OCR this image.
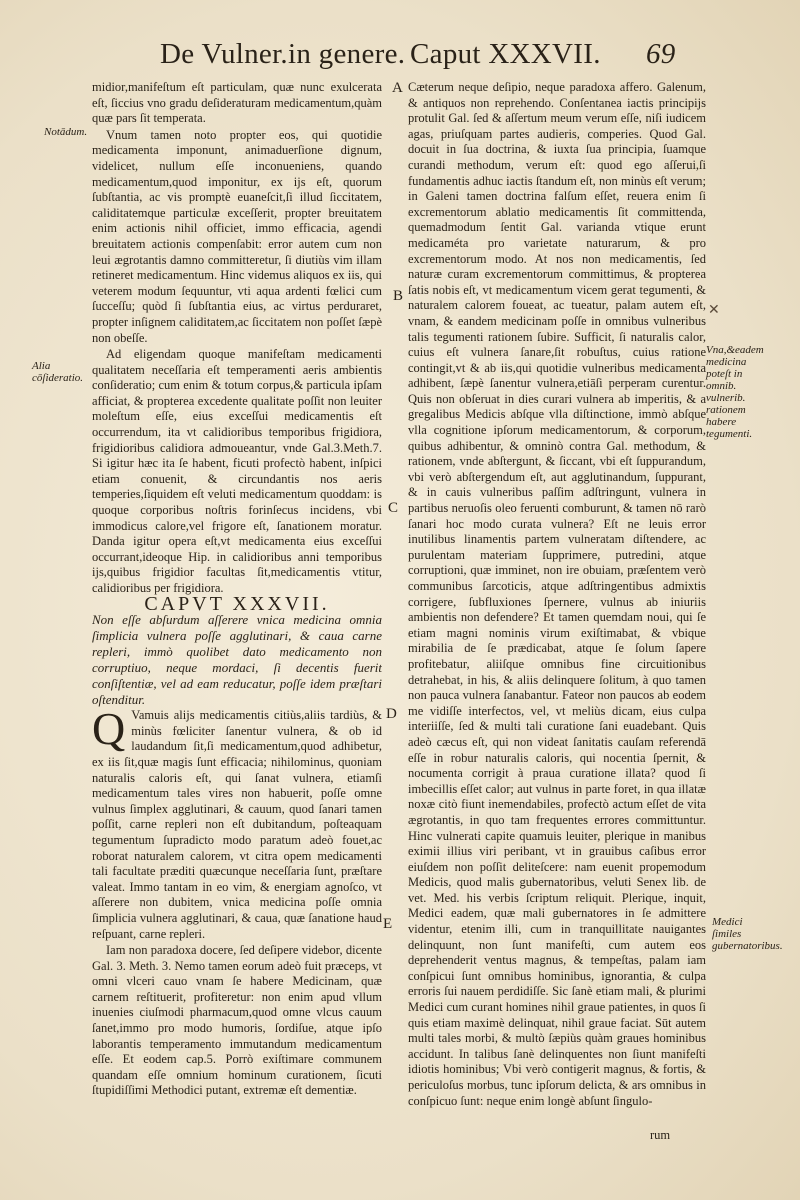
De Vulner.in genere. Caput XXXVII. 69
Notādum.
Alia cōſideratio.
Vna,&eadem medicina poteſt in omnib. vulnerib. rationem habere tegumenti.
Medici ſimiles gubernatoribus.
A
B
C
D
E
✕

midior,manifeſtum eſt particulam, quæ nunc exulcerata eſt, ſiccius vno gradu deſideraturam medicamentum,quàm quæ pars ſit temperata.

Vnum tamen noto propter eos, qui quotidie medicamenta imponunt, animaduerſione dignum, videlicet, nullum eſſe inconueniens, quando medicamentum,quod imponitur, ex ijs eſt, quorum ſubſtantia, ac vis promptè euaneſcit,ſi illud ſiccitatem, caliditatemque particulæ exceſſerit, propter breuitatem enim actionis nihil officiet, immo efficacia, agendi breuitatem actionis compenſabit: error autem cum non leui ægrotantis damno committeretur, ſi diutiùs vim illam retineret medicamentum. Hinc videmus aliquos ex iis, qui veterem modum ſequuntur, vti aqua ardenti fœlici cum ſucceſſu; quòd ſi ſubſtantia eius, ac virtus perduraret, propter inſignem caliditatem,ac ſiccitatem non poſſet ſæpè non obeſſe.

Ad eligendam quoque manifeſtam medicamenti qualitatem neceſſaria eſt temperamenti aeris ambientis conſideratio; cum enim & totum corpus,& particula ipſam afficiat, & propterea excedente qualitate poſſit non leuiter moleſtum eſſe, eius exceſſui medicamentis eſt occurrendum, ita vt calidioribus temporibus frigidiora, frigidioribus calidiora admoueantur, vnde Gal.3.Meth.7. Si igitur hæc ita ſe habent, ficuti profectò habent, inſpici etiam conuenit, & circundantis nos aeris temperies,ſiquidem eſt veluti medicamentum quoddam: is quoque corporibus noſtris forinſecus incidens, vbi immodicus calore,vel frigore eſt, ſanationem moratur. Danda igitur opera eſt,vt medicamenta eius exceſſui occurrant,ideoque Hip. in calidioribus anni temporibus ijs,quibus frigidior facultas ſit,medicamentis vtitur, calidioribus per frigidiora.

CAPVT XXXVII.

Non eſſe abſurdum aſſerere vnica medicina omnia ſimplicia vulnera poſſe agglutinari, & caua carne repleri, immò quolibet dato medicamento non corruptiuo, neque mordaci, ſi decentis fuerit conſiſtentiæ, vel ad eam reducatur, poſſe idem præſtari oſtenditur.

Q Vamuis alijs medicamentis citiùs,aliis tardiùs, & minùs fœliciter ſanentur vulnera, & ob id laudandum ſit,ſi medicamentum,quod adhibetur, ex iis ſit,quæ magis ſunt efficacia; nihilominus, quoniam naturalis caloris eſt, qui ſanat vulnera, etiamſi medicamentum tales vires non habuerit, poſſe omne vulnus ſimplex agglutinari, & cauum, quod ſanari tamen poſſit, carne repleri non eſt dubitandum, poſteaquam tegumentum ſupradicto modo paratum adeò fouet,ac roborat naturalem calorem, vt citra opem medicamenti tali facultate præditi quæcunque neceſſaria ſunt, præſtare valeat. Immo tantam in eo vim, & energiam agnoſco, vt aſſerere non dubitem, vnica medicina poſſe omnia ſimplicia vulnera agglutinari, & caua, quæ ſanatione haud reſpuant, carne repleri.

Iam non paradoxa docere, ſed deſipere videbor, dicente Gal. 3. Meth. 3. Nemo tamen eorum adeò fuit præceps, vt omni vlceri cauo vnam ſe habere Medicinam, quæ carnem reſtituerit, profiteretur: non enim apud vllum inuenies ciuſmodi pharmacum,quod omne vlcus cauum ſanet,immo pro modo humoris, ſordiſue, atque ipſo laborantis temperamento immutandum medicamentum eſſe. Et eodem cap.5. Porrò exiſtimare communem quandam eſſe omnium hominum curationem, ſicuti ſtupidiſſimi Methodici putant, extremæ eſt dementiæ.

Cæterum neque deſipio, neque paradoxa affero. Galenum, & antiquos non reprehendo. Conſentanea iactis principijs protulit Gal. ſed & aſſertum meum verum eſſe, niſi iudicem agas, priuſquam partes audieris, comperies. Quod Gal. docuit in ſua doctrina, & iuxta ſua principia, ſuamque curandi methodum, verum eſt: quod ego aſſerui,ſi fundamentis adhuc iactis ſtandum eſt, non minùs eſt verum; in Galeni tamen doctrina falſum eſſet, reuera enim ſi excrementorum ablatio medicamentis ſit committenda, quemadmodum ſentit Gal. varianda vtique erunt medicaméta pro varietate naturarum, & pro excrementorum modo. At nos non medicamentis, ſed naturæ curam excrementorum committimus, & propterea ſatis nobis eſt, vt medicamentum vicem gerat tegumenti, & naturalem calorem foueat, ac tueatur, palam autem eſt, vnam, & eandem medicinam poſſe in omnibus vulneribus talis tegumenti rationem ſubire. Sufficit, ſi naturalis calor, cuius eſt vulnera ſanare,ſit robuſtus, cuius ratione contingit,vt & ab iis,qui quotidie vulneribus medicamenta adhibent, ſæpè ſanentur vulnera,etiāſi perperam curentur. Quis non obſeruat in dies curari vulnera ab imperitis, & a gregalibus Medicis abſque vlla diſtinctione, immò abſque vlla cognitione ipſorum medicamentorum, & corporum, quibus adhibentur, & omninò contra Gal. methodum, & rationem, vnde abſtergunt, & ſiccant, vbi eſt ſuppurandum, vbi verò abſtergendum eſt, aut agglutinandum, ſuppurant, & in cauis vulneribus paſſim adſtringunt, vulnera in partibus neruoſis oleo feruenti comburunt, & tamen nō rarò ſanari hoc modo curata vulnera? Eſt ne leuis error inutilibus linamentis partem vulneratam diſtendere, ac purulentam materiam ſupprimere, putredini, atque corruptioni, quæ imminet, non ire obuiam, præſentem verò communibus ſarcoticis, atque adſtringentibus admixtis corrigere, ſubfluxiones ſpernere, vulnus ab iniuriis ambientis non defendere? Et tamen quemdam noui, qui ſe etiam magni nominis virum exiſtimabat, & vbique mirabilia de ſe prædicabat, atque ſe ſolum ſapere profitebatur, aliiſque omnibus fine circuitionibus detrahebat, in his, & aliis delinquere ſolitum, à quo tamen non pauca vulnera ſanabantur. Fateor non paucos ab eodem me vidiſſe interfectos, vel, vt meliùs dicam, eius culpa interiiſſe, ſed & multi tali curatione ſani euadebant. Quis adeò cæcus eſt, qui non videat ſanitatis cauſam referendā eſſe in robur naturalis caloris, qui nocentia ſpernit, & nocumenta corrigit à praua curatione illata? quod ſi imbecillis eſſet calor; aut vulnus in parte foret, in qua illatæ noxæ citò fiunt inemendabiles, profectò actum eſſet de vita ægrotantis, in quo tam frequentes errores committuntur. Hinc vulnerati capite quamuis leuiter, plerique in manibus eximii illius viri peribant, vt in grauibus caſibus error eiuſdem non poſſit deliteſcere: nam euenit propemodum Medicis, quod malis gubernatoribus, veluti Senex lib. de vet. Med. his verbis ſcriptum reliquit. Plerique, inquit, Medici eadem, quæ mali gubernatores in ſe admittere videntur, etenim illi, cum in tranquillitate nauigantes delinquunt, non ſunt manifeſti, cum autem eos deprehenderit ventus magnus, & tempeſtas, palam iam conſpicui ſunt omnibus hominibus, ignorantia, & culpa erroris ſui nauem perdidiſſe. Sic ſanè etiam mali, & plurimi Medici cum curant homines nihil graue patientes, in quos ſi quis etiam maximè delinquat, nihil graue faciat. Sūt autem multi tales morbi, & multò ſæpiùs quàm graues hominibus accidunt. In talibus ſanè delinquentes non ſiunt manifeſti idiotis hominibus; Vbi verò contigerit magnus, & fortis, & periculoſus morbus, tunc ipſorum delicta, & ars omnibus in conſpicuo ſunt: neque enim longè abſunt ſingulo-

rum
